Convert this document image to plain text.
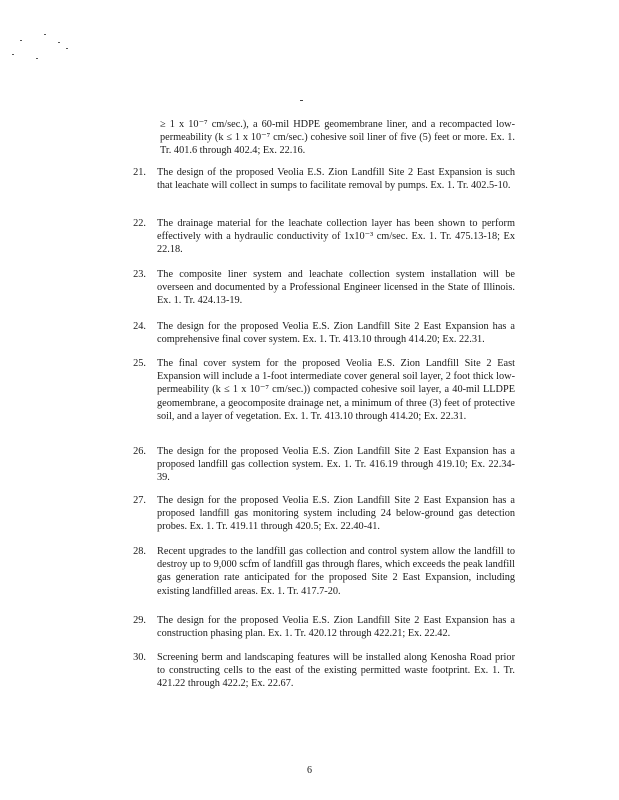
≥ 1 x 10⁻⁷ cm/sec.), a 60-mil HDPE geomembrane liner, and a recompacted low-permeability (k ≤ 1 x 10⁻⁷ cm/sec.) cohesive soil liner of five (5) feet or more. Ex. 1. Tr. 401.6 through 402.4; Ex. 22.16.
21. The design of the proposed Veolia E.S. Zion Landfill Site 2 East Expansion is such that leachate will collect in sumps to facilitate removal by pumps. Ex. 1. Tr. 402.5-10.
22. The drainage material for the leachate collection layer has been shown to perform effectively with a hydraulic conductivity of 1x10⁻³ cm/sec. Ex. 1. Tr. 475.13-18; Ex 22.18.
23. The composite liner system and leachate collection system installation will be overseen and documented by a Professional Engineer licensed in the State of Illinois. Ex. 1. Tr. 424.13-19.
24. The design for the proposed Veolia E.S. Zion Landfill Site 2 East Expansion has a comprehensive final cover system. Ex. 1. Tr. 413.10 through 414.20; Ex. 22.31.
25. The final cover system for the proposed Veolia E.S. Zion Landfill Site 2 East Expansion will include a 1-foot intermediate cover general soil layer, 2 foot thick low-permeability (k ≤ 1 x 10⁻⁷ cm/sec.)) compacted cohesive soil layer, a 40-mil LLDPE geomembrane, a geocomposite drainage net, a minimum of three (3) feet of protective soil, and a layer of vegetation. Ex. 1. Tr. 413.10 through 414.20; Ex. 22.31.
26. The design for the proposed Veolia E.S. Zion Landfill Site 2 East Expansion has a proposed landfill gas collection system. Ex. 1. Tr. 416.19 through 419.10; Ex. 22.34-39.
27. The design for the proposed Veolia E.S. Zion Landfill Site 2 East Expansion has a proposed landfill gas monitoring system including 24 below-ground gas detection probes. Ex. 1. Tr. 419.11 through 420.5; Ex. 22.40-41.
28. Recent upgrades to the landfill gas collection and control system allow the landfill to destroy up to 9,000 scfm of landfill gas through flares, which exceeds the peak landfill gas generation rate anticipated for the proposed Site 2 East Expansion, including existing landfilled areas. Ex. 1. Tr. 417.7-20.
29. The design for the proposed Veolia E.S. Zion Landfill Site 2 East Expansion has a construction phasing plan. Ex. 1. Tr. 420.12 through 422.21; Ex. 22.42.
30. Screening berm and landscaping features will be installed along Kenosha Road prior to constructing cells to the east of the existing permitted waste footprint. Ex. 1. Tr. 421.22 through 422.2; Ex. 22.67.
6
